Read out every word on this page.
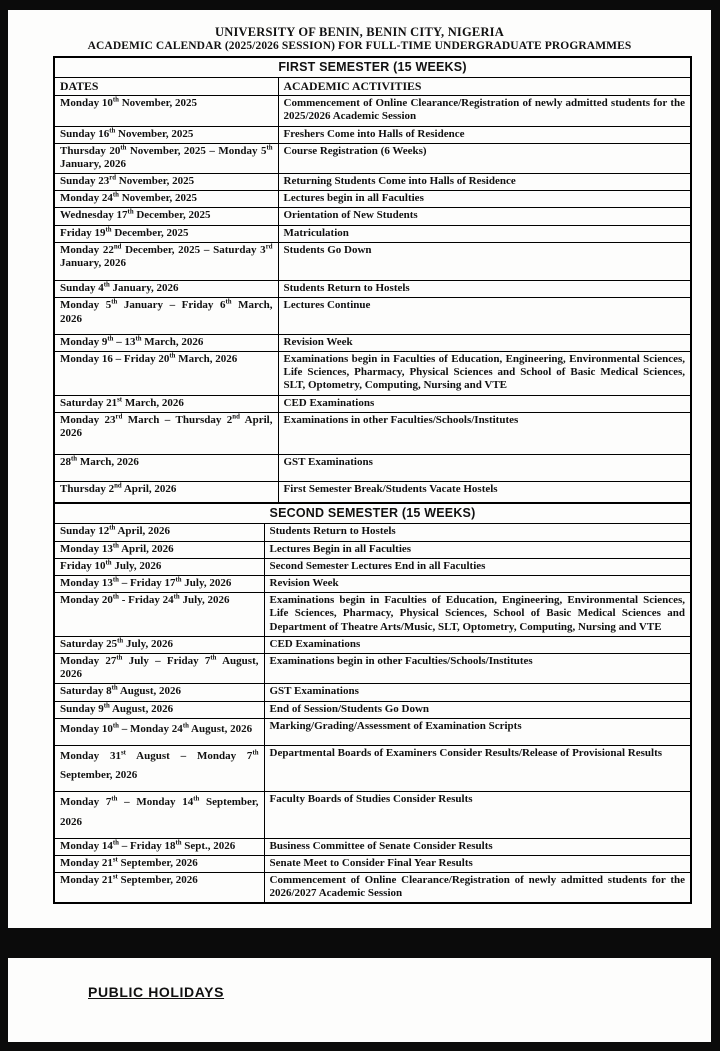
UNIVERSITY OF BENIN, BENIN CITY, NIGERIA
ACADEMIC CALENDAR (2025/2026 SESSION) FOR FULL-TIME UNDERGRADUATE PROGRAMMES
FIRST SEMESTER (15 WEEKS)	
DATES	ACADEMIC ACTIVITIES
Monday 10th November, 2025	Commencement of Online Clearance/Registration of newly admitted students for the 2025/2026 Academic Session
Sunday 16th November, 2025	Freshers Come into Halls of Residence
Thursday 20th November, 2025 – Monday 5th January, 2026	Course Registration (6 Weeks)
Sunday 23rd November, 2025	Returning Students Come into Halls of Residence
Monday 24th November, 2025	Lectures begin in all Faculties
Wednesday 17th December, 2025	Orientation of New Students
Friday 19th December, 2025	Matriculation
Monday 22nd December, 2025 – Saturday 3rd January, 2026	Students Go Down
Sunday 4th January, 2026	Students Return to Hostels
Monday 5th January – Friday 6th March, 2026	Lectures Continue
Monday 9th – 13th March, 2026	Revision Week
Monday 16 – Friday 20th March, 2026	Examinations begin in Faculties of Education, Engineering, Environmental Sciences, Life Sciences, Pharmacy, Physical Sciences and School of Basic Medical Sciences, SLT, Optometry, Computing, Nursing and VTE
Saturday 21st March, 2026	CED Examinations
Monday 23rd March – Thursday 2nd April, 2026	Examinations in other Faculties/Schools/Institutes
28th March, 2026	GST Examinations
Thursday 2nd April, 2026	First Semester Break/Students Vacate Hostels
SECOND SEMESTER (15 WEEKS)	
Sunday 12th April, 2026	Students Return to Hostels
Monday 13th April, 2026	Lectures Begin in all Faculties
Friday 10th July, 2026	Second Semester Lectures End in all Faculties
Monday 13th – Friday 17th July, 2026	Revision Week
Monday 20th - Friday 24th July, 2026	Examinations begin in Faculties of Education, Engineering, Environmental Sciences, Life Sciences, Pharmacy, Physical Sciences, School of Basic Medical Sciences and Department of Theatre Arts/Music, SLT, Optometry, Computing, Nursing and VTE
Saturday 25th July, 2026	CED Examinations
Monday 27th July – Friday 7th August, 2026	Examinations begin in other Faculties/Schools/Institutes
Saturday 8th August, 2026	GST Examinations
Sunday 9th August, 2026	End of Session/Students Go Down
Monday 10th – Monday 24th August, 2026	Marking/Grading/Assessment of Examination Scripts
Monday 31st August – Monday 7th September, 2026	Departmental Boards of Examiners Consider Results/Release of Provisional Results
Monday 7th – Monday 14th September, 2026	Faculty Boards of Studies Consider Results
Monday 14th – Friday 18th Sept., 2026	Business Committee of Senate Consider Results
Monday 21st September, 2026	Senate Meet to Consider Final Year Results
Monday 21st September, 2026	Commencement of Online Clearance/Registration of newly admitted students for the 2026/2027 Academic Session
PUBLIC HOLIDAYS
